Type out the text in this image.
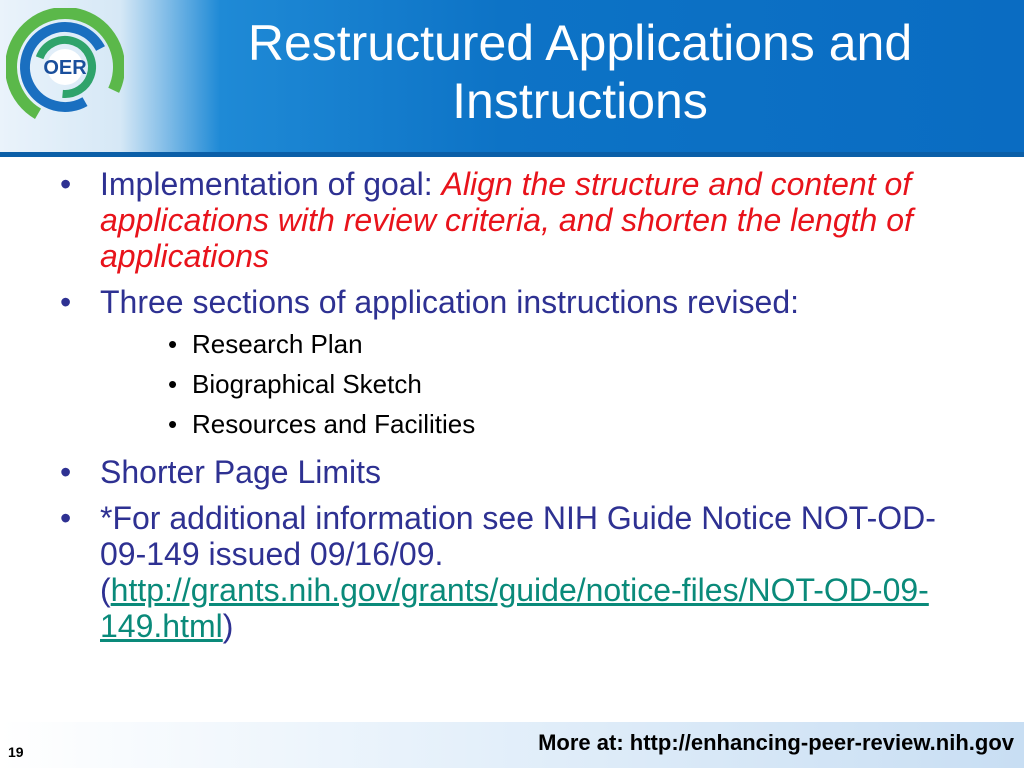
OER	Restructured Applications and Instructions
• Implementation of goal: Align the structure and content of applications with review criteria, and shorten the length of applications
• Three sections of application instructions revised:
• Research Plan
• Biographical Sketch
• Resources and Facilities
• Shorter Page Limits
• *For additional information see NIH Guide Notice NOT-OD-09-149 issued 09/16/09. (http://grants.nih.gov/grants/guide/notice-files/NOT-OD-09-149.html)
19	More at: http://enhancing-peer-review.nih.gov
